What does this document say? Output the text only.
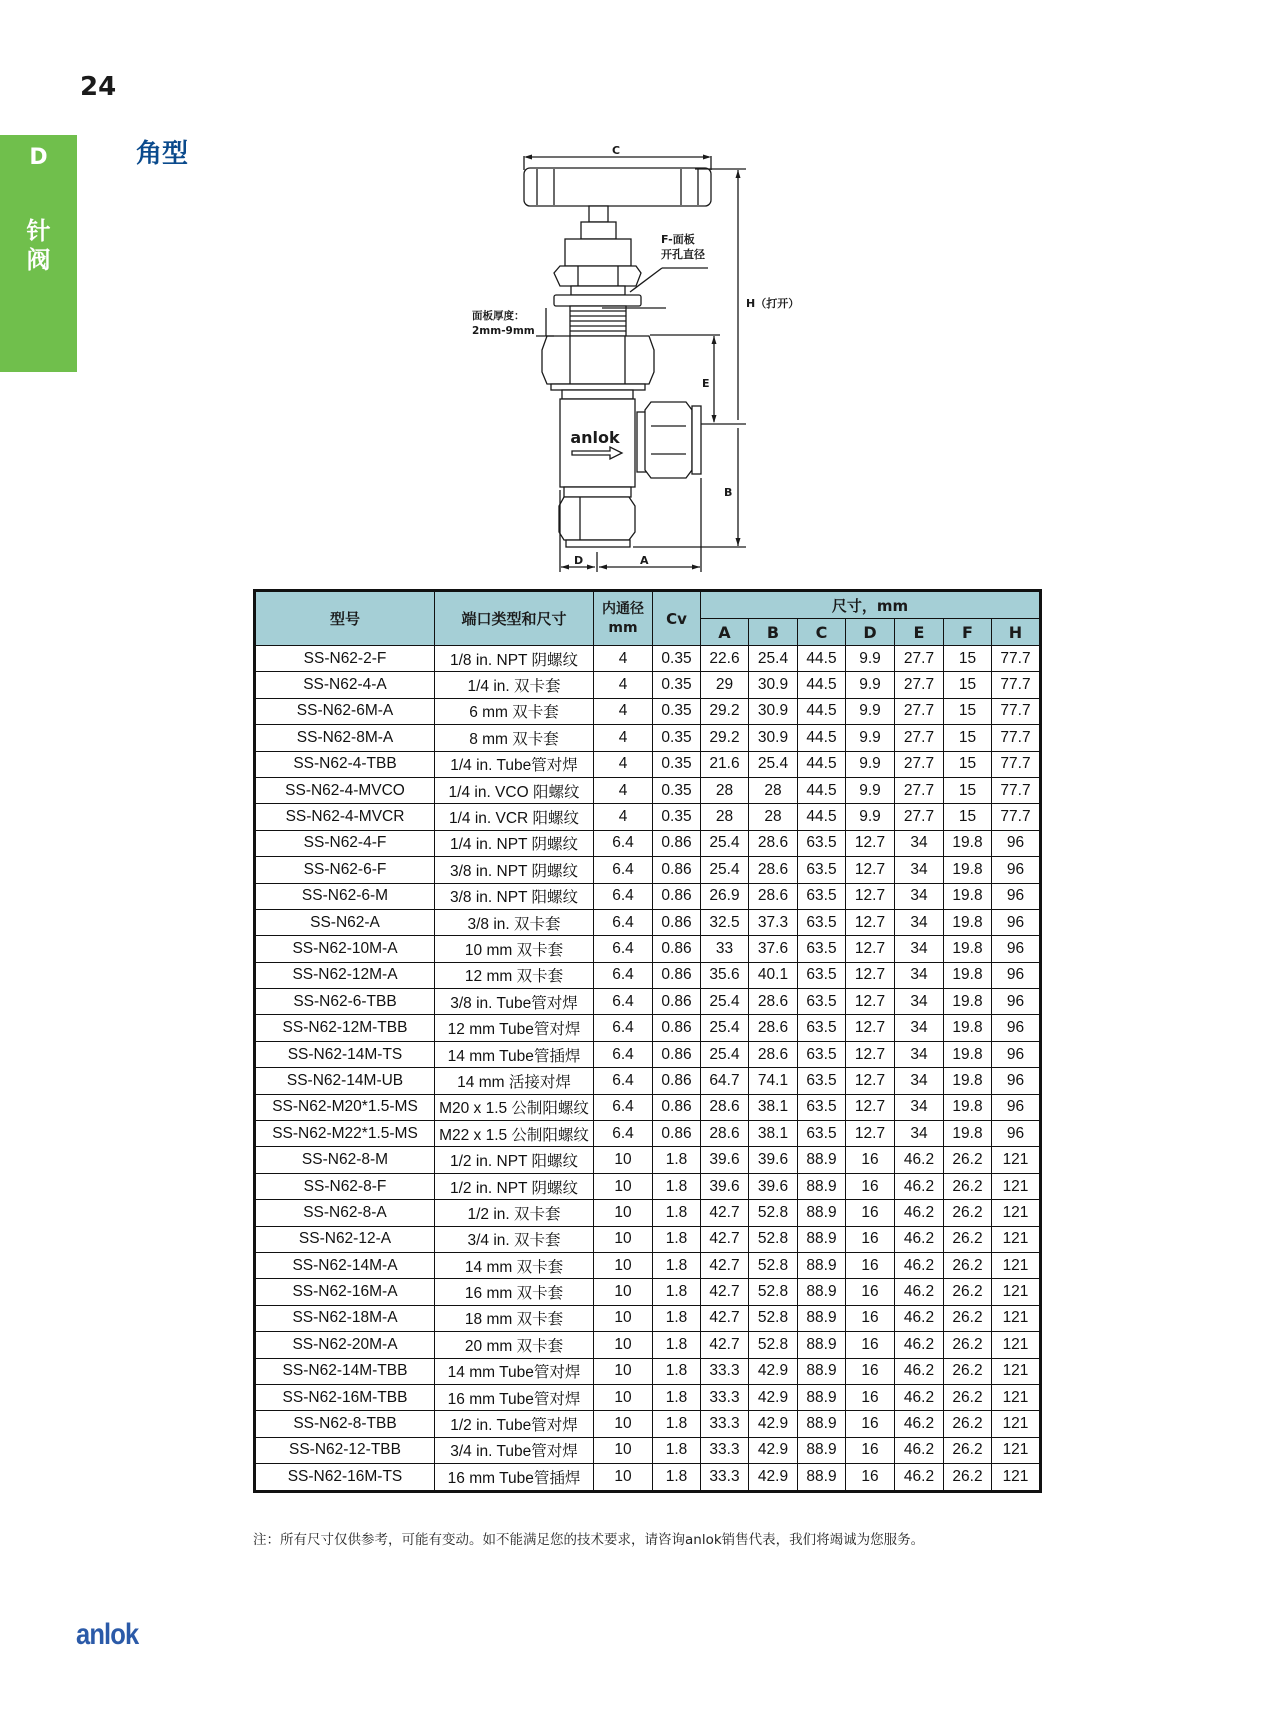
24
D
针
阀
角型	C
F-面板
开孔直径
H（打开）
面板厚度：
2mm-9mm
E
B
D	A
anlok
型号	端口类型和尺寸	内通径
mm	Cv	尺寸，mm						
				A	B	C	D	E	F	H
SS-N62-2-F	1/8 in. NPT 阴螺纹	4	0.35	22.6	25.4	44.5	9.9	27.7	15	77.7
SS-N62-4-A	1/4 in. 双卡套	4	0.35	29	30.9	44.5	9.9	27.7	15	77.7
SS-N62-6M-A	6 mm 双卡套	4	0.35	29.2	30.9	44.5	9.9	27.7	15	77.7
SS-N62-8M-A	8 mm 双卡套	4	0.35	29.2	30.9	44.5	9.9	27.7	15	77.7
SS-N62-4-TBB	1/4 in. Tube管对焊	4	0.35	21.6	25.4	44.5	9.9	27.7	15	77.7
SS-N62-4-MVCO	1/4 in. VCO 阳螺纹	4	0.35	28	28	44.5	9.9	27.7	15	77.7
SS-N62-4-MVCR	1/4 in. VCR 阳螺纹	4	0.35	28	28	44.5	9.9	27.7	15	77.7
SS-N62-4-F	1/4 in. NPT 阴螺纹	6.4	0.86	25.4	28.6	63.5	12.7	34	19.8	96
SS-N62-6-F	3/8 in. NPT 阴螺纹	6.4	0.86	25.4	28.6	63.5	12.7	34	19.8	96
SS-N62-6-M	3/8 in. NPT 阳螺纹	6.4	0.86	26.9	28.6	63.5	12.7	34	19.8	96
SS-N62-A	3/8 in. 双卡套	6.4	0.86	32.5	37.3	63.5	12.7	34	19.8	96
SS-N62-10M-A	10 mm 双卡套	6.4	0.86	33	37.6	63.5	12.7	34	19.8	96
SS-N62-12M-A	12 mm 双卡套	6.4	0.86	35.6	40.1	63.5	12.7	34	19.8	96
SS-N62-6-TBB	3/8 in. Tube管对焊	6.4	0.86	25.4	28.6	63.5	12.7	34	19.8	96
SS-N62-12M-TBB	12 mm Tube管对焊	6.4	0.86	25.4	28.6	63.5	12.7	34	19.8	96
SS-N62-14M-TS	14 mm Tube管插焊	6.4	0.86	25.4	28.6	63.5	12.7	34	19.8	96
SS-N62-14M-UB	14 mm 活接对焊	6.4	0.86	64.7	74.1	63.5	12.7	34	19.8	96
SS-N62-M20*1.5-MS	M20 x 1.5 公制阳螺纹	6.4	0.86	28.6	38.1	63.5	12.7	34	19.8	96
SS-N62-M22*1.5-MS	M22 x 1.5 公制阳螺纹	6.4	0.86	28.6	38.1	63.5	12.7	34	19.8	96
SS-N62-8-M	1/2 in. NPT 阳螺纹	10	1.8	39.6	39.6	88.9	16	46.2	26.2	121
SS-N62-8-F	1/2 in. NPT 阴螺纹	10	1.8	39.6	39.6	88.9	16	46.2	26.2	121
SS-N62-8-A	1/2 in. 双卡套	10	1.8	42.7	52.8	88.9	16	46.2	26.2	121
SS-N62-12-A	3/4 in. 双卡套	10	1.8	42.7	52.8	88.9	16	46.2	26.2	121
SS-N62-14M-A	14 mm 双卡套	10	1.8	42.7	52.8	88.9	16	46.2	26.2	121
SS-N62-16M-A	16 mm 双卡套	10	1.8	42.7	52.8	88.9	16	46.2	26.2	121
SS-N62-18M-A	18 mm 双卡套	10	1.8	42.7	52.8	88.9	16	46.2	26.2	121
SS-N62-20M-A	20 mm 双卡套	10	1.8	42.7	52.8	88.9	16	46.2	26.2	121
SS-N62-14M-TBB	14 mm Tube管对焊	10	1.8	33.3	42.9	88.9	16	46.2	26.2	121
SS-N62-16M-TBB	16 mm Tube管对焊	10	1.8	33.3	42.9	88.9	16	46.2	26.2	121
SS-N62-8-TBB	1/2 in. Tube管对焊	10	1.8	33.3	42.9	88.9	16	46.2	26.2	121
SS-N62-12-TBB	3/4 in. Tube管对焊	10	1.8	33.3	42.9	88.9	16	46.2	26.2	121
SS-N62-16M-TS	16 mm Tube管插焊	10	1.8	33.3	42.9	88.9	16	46.2	26.2	121
注：所有尺寸仅供参考，可能有变动。如不能满足您的技术要求，请咨询anlok销售代表，我们将竭诚为您服务。
anlok
